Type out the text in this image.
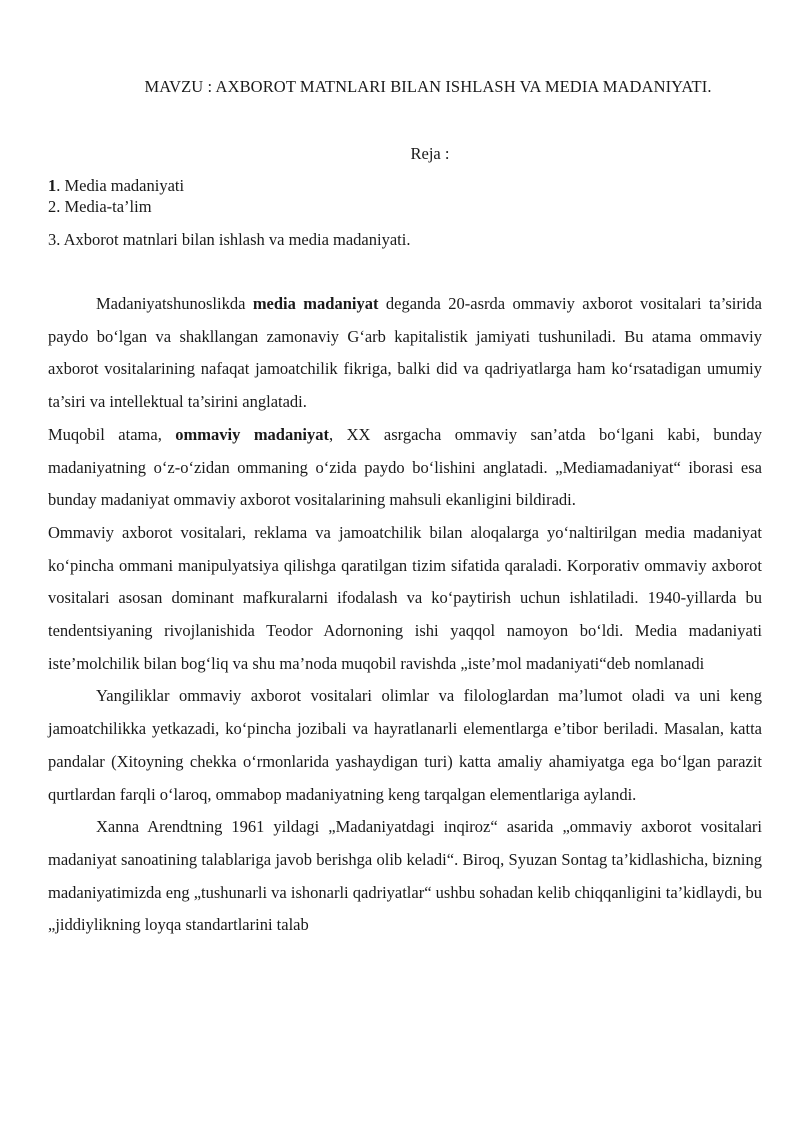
MAVZU : AXBOROT MATNLARI BILAN ISHLASH VA MEDIA MADANIYATI.
Reja :
1. Media madaniyati
2. Media-ta’lim
3. Axborot matnlari bilan ishlash va media madaniyati.

Madaniyatshunoslikda media madaniyat deganda 20-asrda ommaviy axborot vositalari ta’sirida paydo bo‘lgan va shakllangan zamonaviy G‘arb kapitalistik jamiyati tushuniladi. Bu atama ommaviy axborot vositalarining nafaqat jamoatchilik fikriga, balki did va qadriyatlarga ham ko‘rsatadigan umumiy ta’siri va intellektual ta’sirini anglatadi.

Muqobil atama, ommaviy madaniyat, XX asrgacha ommaviy san’atda bo‘lgani kabi, bunday madaniyatning o‘z-o‘zidan ommaning o‘zida paydo bo‘lishini anglatadi. „Mediamadaniyat“ iborasi esa bunday madaniyat ommaviy axborot vositalarining mahsuli ekanligini bildiradi.

Ommaviy axborot vositalari, reklama va jamoatchilik bilan aloqalarga yo‘naltirilgan media madaniyat ko‘pincha ommani manipulyatsiya qilishga qaratilgan tizim sifatida qaraladi. Korporativ ommaviy axborot vositalari asosan dominant mafkuralarni ifodalash va ko‘paytirish uchun ishlatiladi. 1940-yillarda bu tendentsiyaning rivojlanishida Teodor Adornoning ishi yaqqol namoyon bo‘ldi. Media madaniyati iste’molchilik bilan bog‘liq va shu ma’noda muqobil ravishda „iste’mol madaniyati“deb nomlanadi

Yangiliklar ommaviy axborot vositalari olimlar va filologlardan ma’lumot oladi va uni keng jamoatchilikka yetkazadi, ko‘pincha jozibali va hayratlanarli elementlarga e’tibor beriladi. Masalan, katta pandalar (Xitoyning chekka o‘rmonlarida yashaydigan turi) katta amaliy ahamiyatga ega bo‘lgan parazit qurtlardan farqli o‘laroq, ommabop madaniyatning keng tarqalgan elementlariga aylandi.

Xanna Arendtning 1961 yildagi „Madaniyatdagi inqiroz“ asarida „ommaviy axborot vositalari madaniyat sanoatining talablariga javob berishga olib keladi“. Biroq, Syuzan Sontag ta’kidlashicha, bizning madaniyatimizda eng „tushunarli va ishonarli qadriyatlar“ ushbu sohadan kelib chiqqanligini ta’kidlaydi, bu „jiddiylikning loyqa standartlarini talab
